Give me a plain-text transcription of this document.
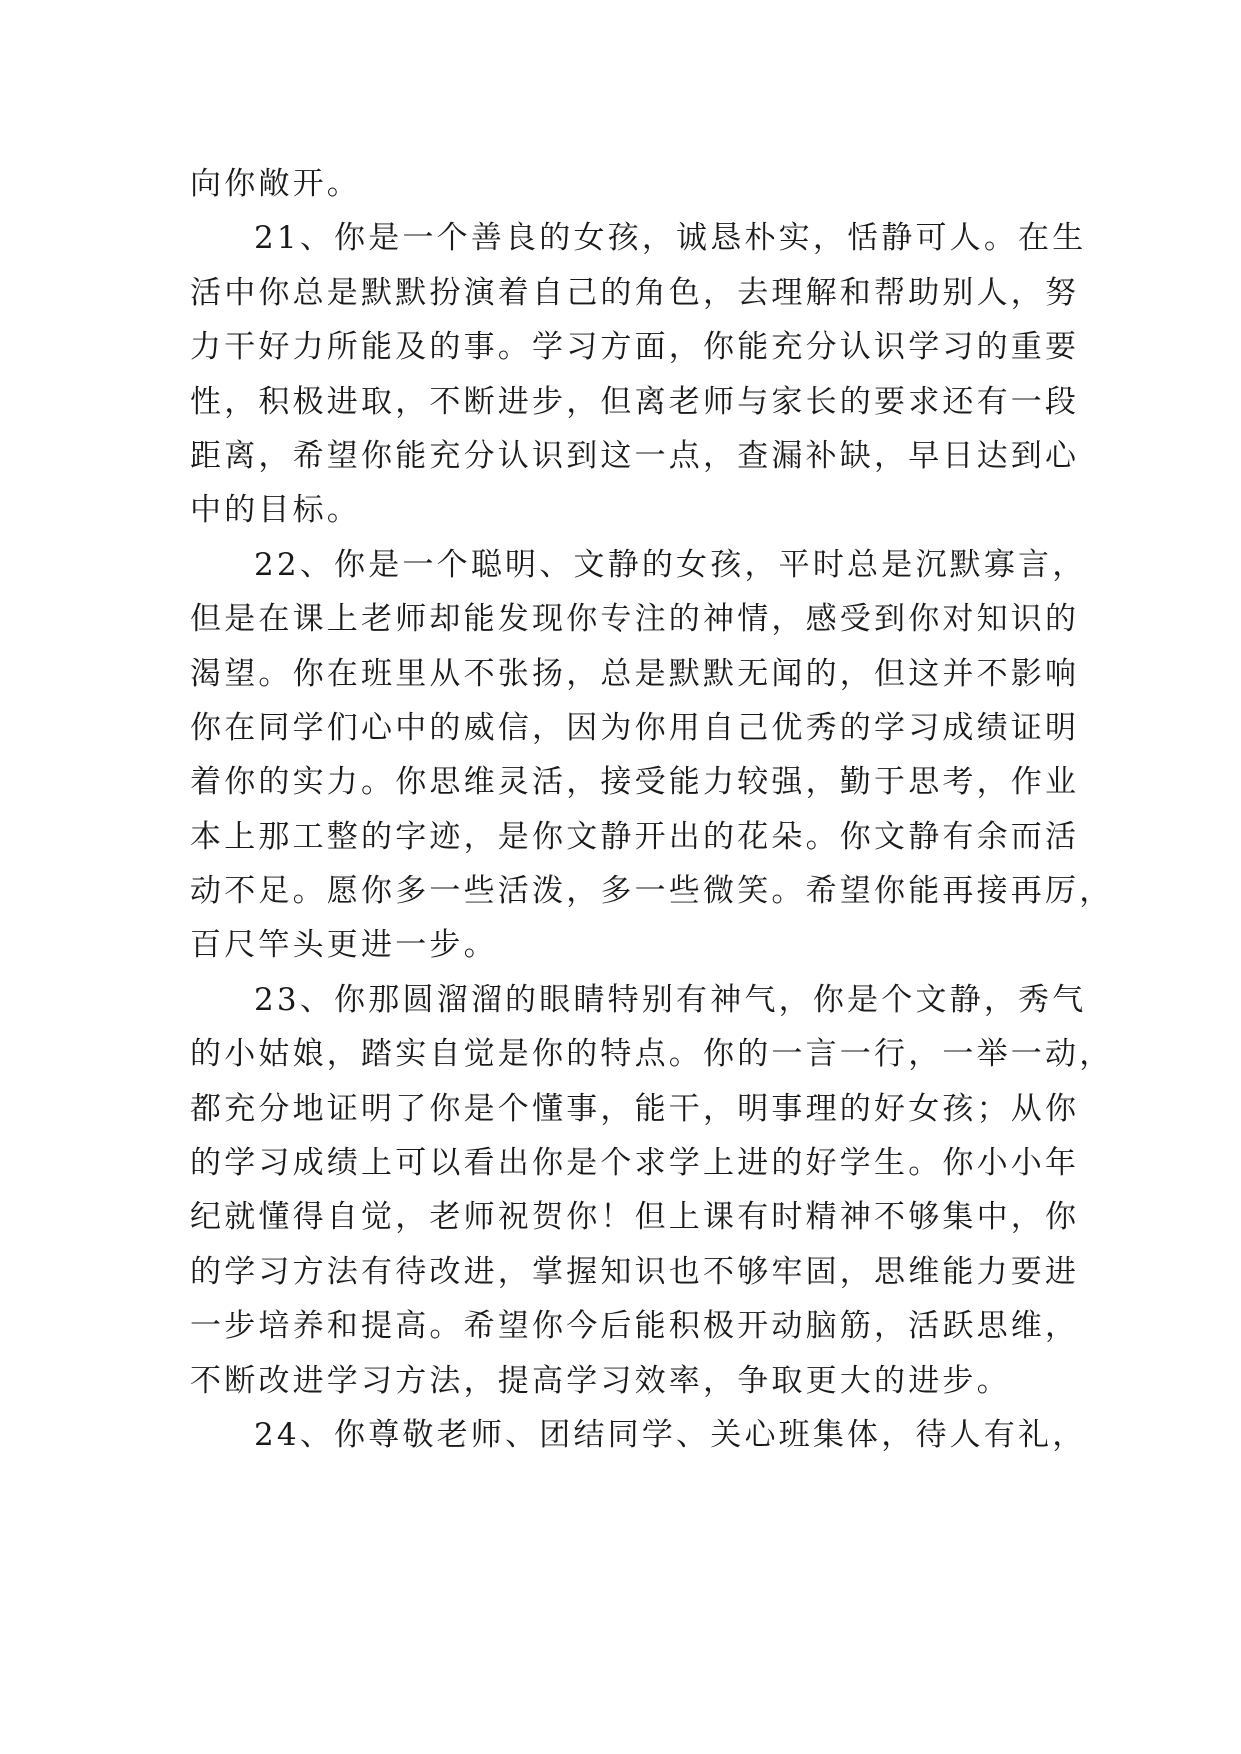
向你敞开。
21、你是一个善良的女孩，诚恳朴实，恬静可人。在生
活中你总是默默扮演着自己的角色，去理解和帮助别人，努
力干好力所能及的事。学习方面，你能充分认识学习的重要
性，积极进取，不断进步，但离老师与家长的要求还有一段
距离，希望你能充分认识到这一点，查漏补缺，早日达到心
中的目标。
22、你是一个聪明、文静的女孩，平时总是沉默寡言，
但是在课上老师却能发现你专注的神情，感受到你对知识的
渴望。你在班里从不张扬，总是默默无闻的，但这并不影响
你在同学们心中的威信，因为你用自己优秀的学习成绩证明
着你的实力。你思维灵活，接受能力较强，勤于思考，作业
本上那工整的字迹，是你文静开出的花朵。你文静有余而活
动不足。愿你多一些活泼，多一些微笑。希望你能再接再厉，
百尺竿头更进一步。
23、你那圆溜溜的眼睛特别有神气，你是个文静，秀气
的小姑娘，踏实自觉是你的特点。你的一言一行，一举一动，
都充分地证明了你是个懂事，能干，明事理的好女孩；从你
的学习成绩上可以看出你是个求学上进的好学生。你小小年
纪就懂得自觉，老师祝贺你！但上课有时精神不够集中，你
的学习方法有待改进，掌握知识也不够牢固，思维能力要进
一步培养和提高。希望你今后能积极开动脑筋，活跃思维，
不断改进学习方法，提高学习效率，争取更大的进步。
24、你尊敬老师、团结同学、关心班集体，待人有礼，
